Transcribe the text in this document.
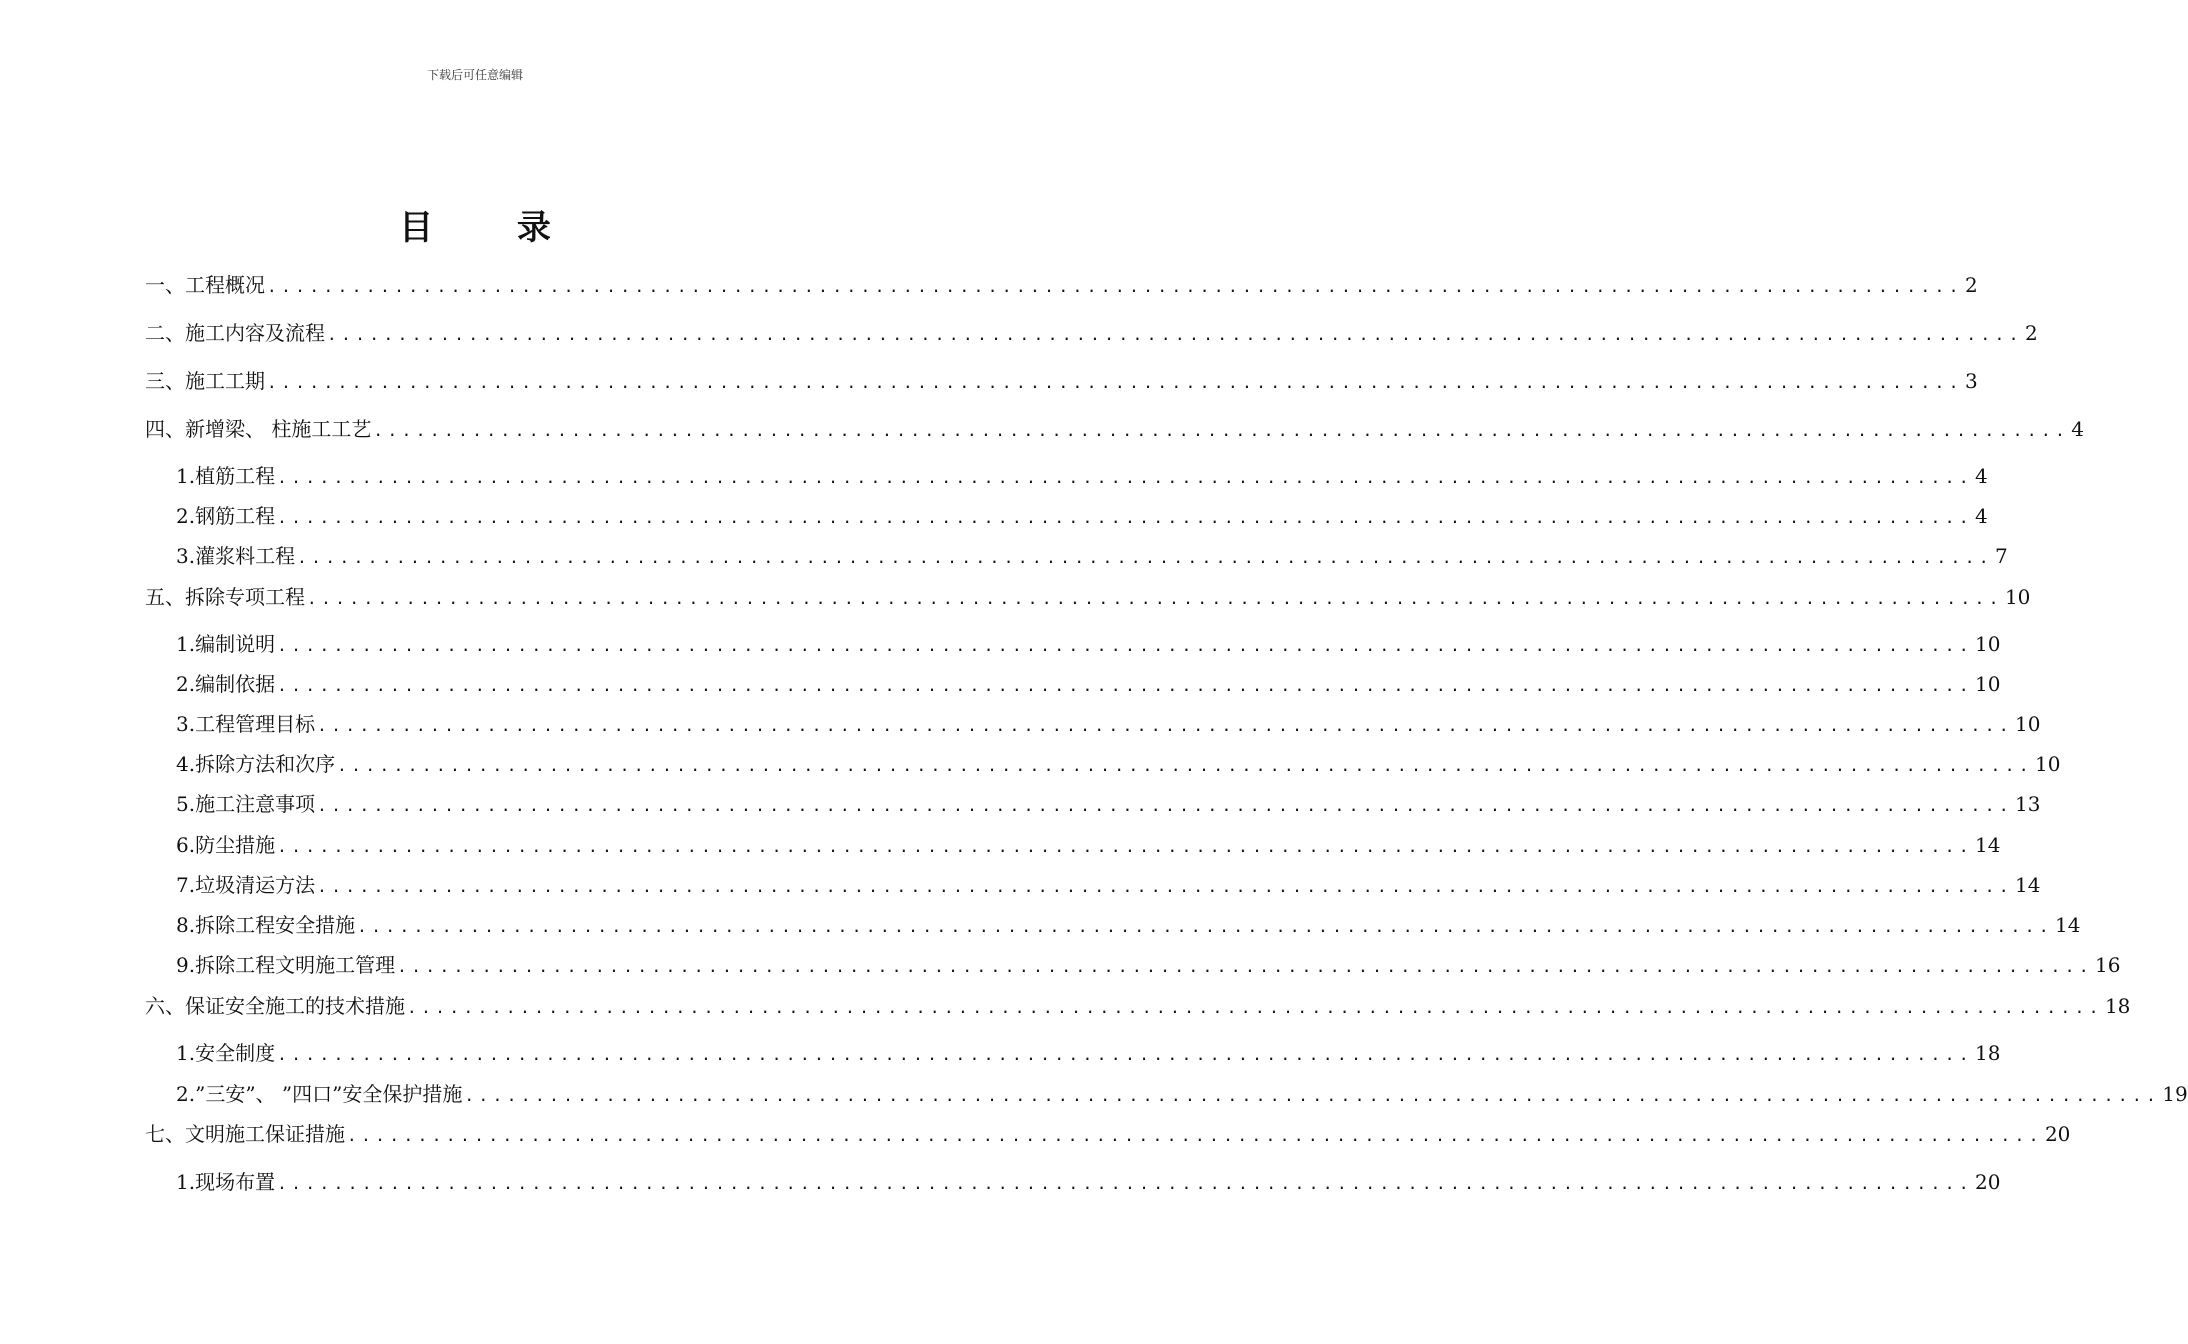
下载后可任意编辑
目 录
一、 工程概况 ........................................................................................................................ 2
二、 施工内容及流程 ........................................................................................................................ 2
三、 施工工期 ........................................................................................................................ 3
四、 新增梁、 柱施工工艺 ........................................................................................................................ 4
1. 植筋工程 ........................................................................................................................ 4
2. 钢筋工程 ........................................................................................................................ 4
3. 灌浆料工程 ........................................................................................................................ 7
五、 拆除专项工程 ........................................................................................................................ 10
1. 编制说明 ........................................................................................................................ 10
2. 编制依据 ........................................................................................................................ 10
3. 工程管理目标 ........................................................................................................................ 10
4. 拆除方法和次序 ........................................................................................................................ 10
5. 施工注意事项 ........................................................................................................................ 13
6. 防尘措施 ........................................................................................................................ 14
7. 垃圾清运方法 ........................................................................................................................ 14
8. 拆除工程安全措施 ........................................................................................................................ 14
9. 拆除工程文明施工管理 ........................................................................................................................ 16
六、 保证安全施工的技术措施 ........................................................................................................................ 18
1. 安全制度 ........................................................................................................................ 18
2. ”三安”、 ”四口”安全保护措施 ........................................................................................................................ 19
七、 文明施工保证措施 ........................................................................................................................ 20
1. 现场布置 ........................................................................................................................ 20
